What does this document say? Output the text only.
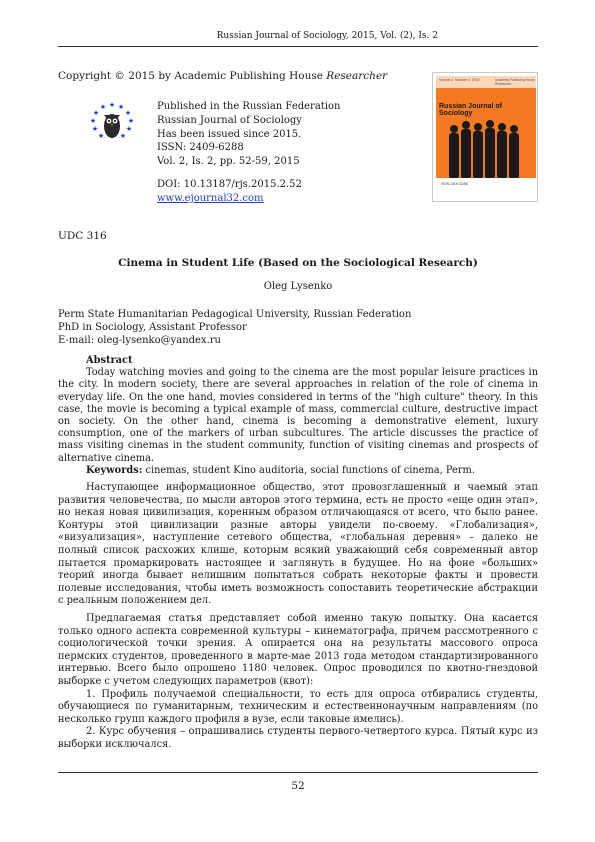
Russian Journal of Sociology, 2015, Vol. (2), Is. 2
Copyright © 2015 by Academic Publishing House Researcher
★
★ ★
★	★
★	★
★	★
★ ★
Published in the Russian Federation
Russian Journal of Sociology
Has been issued since 2015.
ISSN: 2409-6288
Vol. 2, Is. 2, pp. 52-59, 2015
DOI: 10.13187/rjs.2015.2.52
www.ejournal32.com
Volume 2, Number 2, 2015	Academic Publishing House Researcher
Russian Journal of Sociology
ISSN 2409-6288
UDC 316
Cinema in Student Life (Based on the Sociological Research)
Oleg Lysenko
Perm State Humanitarian Pedagogical University, Russian Federation
PhD in Sociology, Assistant Professor
E-mail: oleg-lysenko@yandex.ru

Abstract

Today watching movies and going to the cinema are the most popular leisure practices in the city. In modern society, there are several approaches in relation of the role of cinema in everyday life. On the one hand, movies considered in terms of the "high culture" theory. In this case, the movie is becoming a typical example of mass, commercial culture, destructive impact on society. On the other hand, cinema is becoming a demonstrative element, luxury consumption, one of the markers of urban subcultures. The article discusses the practice of mass visiting cinemas in the student community, function of visiting cinemas and prospects of alternative cinema.

Keywords: cinemas, student Kino auditoria, social functions of cinema, Perm.

Наступающее информационное общество, этот провозглашенный и чаемый этап развития человечества, по мысли авторов этого термина, есть не просто «еще один этап», но некая новая цивилизация, коренным образом отличающаяся от всего, что было ранее. Контуры этой цивилизации разные авторы увидели по-своему. «Глобализация», «визуализация», наступление сетевого общества, «глобальная деревня» – далеко не полный список расхожих клише, которым всякий уважающий себя современный автор пытается промаркировать настоящее и заглянуть в будущее. Но на фоне «больших» теорий иногда бывает нелишним попытаться собрать некоторые факты и провести полевые исследования, чтобы иметь возможность сопоставить теоретические абстракции с реальным положением дел.

Предлагаемая статья представляет собой именно такую попытку. Она касается только одного аспекта современной культуры – кинематографа, причем рассмотренного с социологической точки зрения. А опирается она на результаты массового опроса пермских студентов, проведенного в марте-мае 2013 года методом стандартизированного интервью. Всего было опрошено 1180 человек. Опрос проводился по квотно-гнездовой выборке с учетом следующих параметров (квот):

1. Профиль получаемой специальности, то есть для опроса отбирались студенты, обучающиеся по гуманитарным, техническим и естественнонаучным направлениям (по несколько групп каждого профиля в вузе, если таковые имелись).

2. Курс обучения – опрашивались студенты первого-четвертого курса. Пятый курс из выборки исключался.

52
